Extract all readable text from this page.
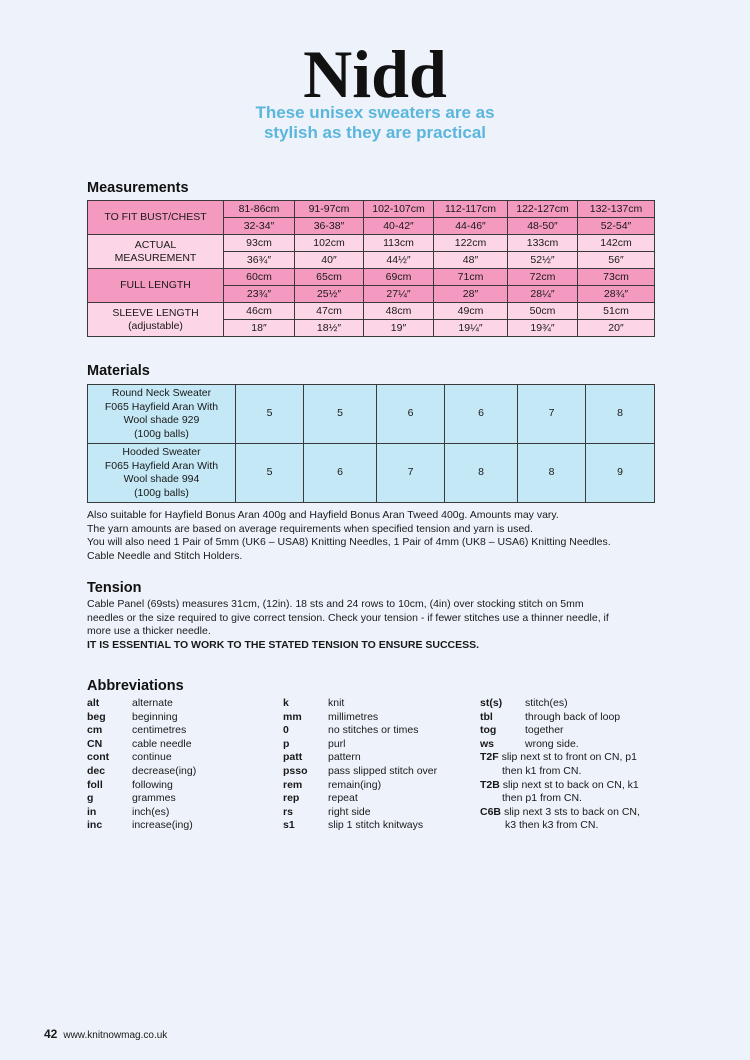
Nidd
These unisex sweaters are as
stylish as they are practical
Measurements
TO FIT BUST/CHEST	81-86cm	91-97cm	102-107cm	112-117cm	122-127cm	132-137cm
	32-34″	36-38″	40-42″	44-46″	48-50″	52-54″
ACTUAL MEASUREMENT	93cm	102cm	113cm	122cm	133cm	142cm
	36¾″	40″	44½″	48″	52½″	56″
FULL LENGTH	60cm	65cm	69cm	71cm	72cm	73cm
	23¾″	25½″	27¼″	28″	28¼″	28¾″

SLEEVE LENGTH
(adjustable)	46cm	47cm	48cm	49cm	50cm	51cm
	18″	18½″	19″	19¼″	19¾″	20″
Materials
Round Neck Sweater
F065 Hayfield Aran With
Wool shade 929
(100g balls)	5	5	6	6	7	8

Hooded Sweater
F065 Hayfield Aran With
Wool shade 994
(100g balls)	5	6	7	8	8	9
Also suitable for Hayfield Bonus Aran 400g and Hayfield Bonus Aran Tweed 400g. Amounts may vary.
The yarn amounts are based on average requirements when specified tension and yarn is used.
You will also need 1 Pair of 5mm (UK6 – USA8) Knitting Needles, 1 Pair of 4mm (UK8 – USA6) Knitting Needles.
Cable Needle and Stitch Holders.
Tension
Cable Panel (69sts) measures 31cm, (12in). 18 sts and 24 rows to 10cm, (4in) over stocking stitch on 5mm
needles or the size required to give correct tension. Check your tension - if fewer stitches use a thinner needle, if
more use a thicker needle.
IT IS ESSENTIAL TO WORK TO THE STATED TENSION TO ENSURE SUCCESS.
Abbreviations
alt	alternate
beg	beginning
cm	centimetres
CN	cable needle
cont	continue
dec	decrease(ing)
foll	following
g	grammes
in	inch(es)
inc	increase(ing)
k	knit
mm	millimetres
0	no stitches or times
p	purl
patt	pattern
psso	pass slipped stitch over
rem	remain(ing)
rep	repeat
rs	right side
s1	slip 1 stitch knitways
st(s)	stitch(es)
tbl	through back of loop
tog	together
ws	wrong side.
T2F
slip next st to front on CN, p1
then k1 from CN.
T2B
slip next st to back on CN, k1
then p1 from CN.
C6B
slip next 3 sts to back on CN,
k3 then k3 from CN.
42 www.knitnowmag.co.uk
